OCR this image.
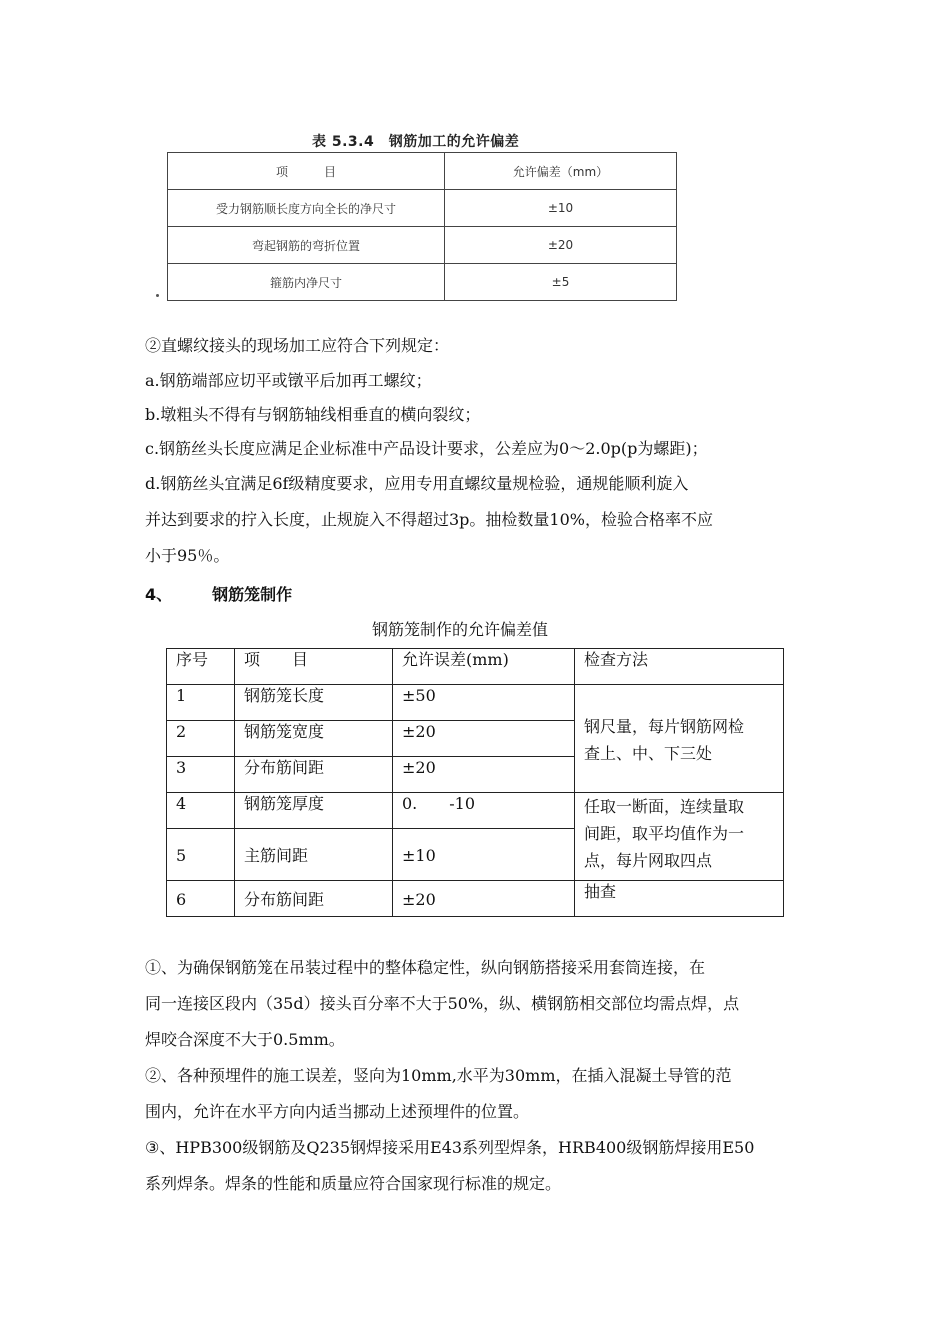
表 5.3.4　钢筋加工的允许偏差
项　　　目	允许偏差（mm）
受力钢筋顺长度方向全长的净尺寸	±10
弯起钢筋的弯折位置	±20
箍筋内净尺寸	±5
②直螺纹接头的现场加工应符合下列规定：
a.钢筋端部应切平或镦平后加再工螺纹；
b.墩粗头不得有与钢筋轴线相垂直的横向裂纹；
c.钢筋丝头长度应满足企业标准中产品设计要求，公差应为0～2.0p(p为螺距)；
d.钢筋丝头宜满足6f级精度要求，应用专用直螺纹量规检验，通规能顺利旋入
并达到要求的拧入长度，止规旋入不得超过3p。抽检数量10%，检验合格率不应
小于95％。
4、	钢筋笼制作
钢筋笼制作的允许偏差值
序号	项　　目	允许误差(mm)	检查方法
1	钢筋笼长度	±50	钢尺量，每片钢筋网检
查上、中、下三处
2	钢筋笼宽度	±20	
3	分布筋间距	±20	
4	钢筋笼厚度	0.　　-10	任取一断面，连续量取
间距，取平均值作为一
点，每片网取四点
5	主筋间距	±10	
6	分布筋间距	±20	抽查
①、为确保钢筋笼在吊装过程中的整体稳定性，纵向钢筋搭接采用套筒连接，在
同一连接区段内（35d）接头百分率不大于50%，纵、横钢筋相交部位均需点焊，点
焊咬合深度不大于0.5mm。
②、各种预埋件的施工误差，竖向为10mm,水平为30mm，在插入混凝土导管的范
围内，允许在水平方向内适当挪动上述预埋件的位置。
③、HPB300级钢筋及Q235钢焊接采用E43系列型焊条，HRB400级钢筋焊接用E50
系列焊条。焊条的性能和质量应符合国家现行标准的规定。
